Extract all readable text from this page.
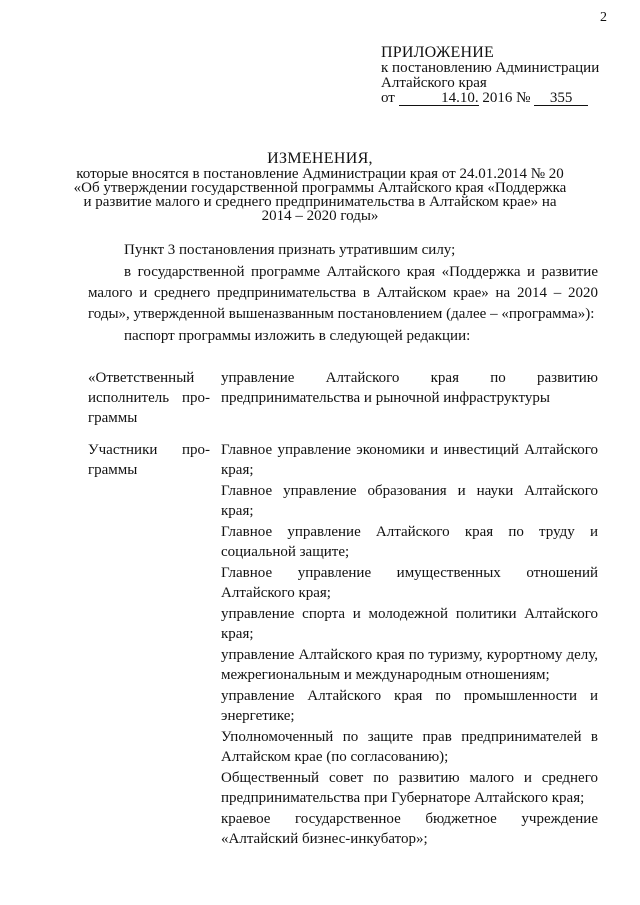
2
ПРИЛОЖЕНИЕ
к постановлению Администрации
Алтайского края
от	14.10. 2016 № 355
ИЗМЕНЕНИЯ,
которые вносятся в постановление Администрации края от 24.01.2014 № 20
«Об утверждении государственной программы Алтайского края «Поддержка
и развитие малого и среднего предпринимательства в Алтайском крае» на
2014 – 2020 годы»

Пункт 3 постановления признать утратившим силу;

в государственной программе Алтайского края «Поддержка и развитие малого и среднего предпринимательства в Алтайском крае» на 2014 – 2020 годы», утвержденной вышеназванным постановлением (далее – «программа»):

паспорт программы изложить в следующей редакции:

«Ответственный
исполнитель про-
граммы
управление Алтайского края по развитию предпринимательства и рыночной инфраструктуры
Участники про-
граммы
Главное управление экономики и инвестиций Алтайского края;
Главное управление образования и науки Алтайского края;
Главное управление Алтайского края по труду и социальной защите;
Главное управление имущественных отношений Алтайского края;
управление спорта и молодежной политики Алтайского края;
управление Алтайского края по туризму, курортному делу, межрегиональным и международным отношениям;
управление Алтайского края по промышленности и энергетике;
Уполномоченный по защите прав предпринимателей в Алтайском крае (по согласованию);
Общественный совет по развитию малого и среднего предпринимательства при Губернаторе Алтайского края;
краевое государственное бюджетное учреждение «Алтайский бизнес-инкубатор»;
